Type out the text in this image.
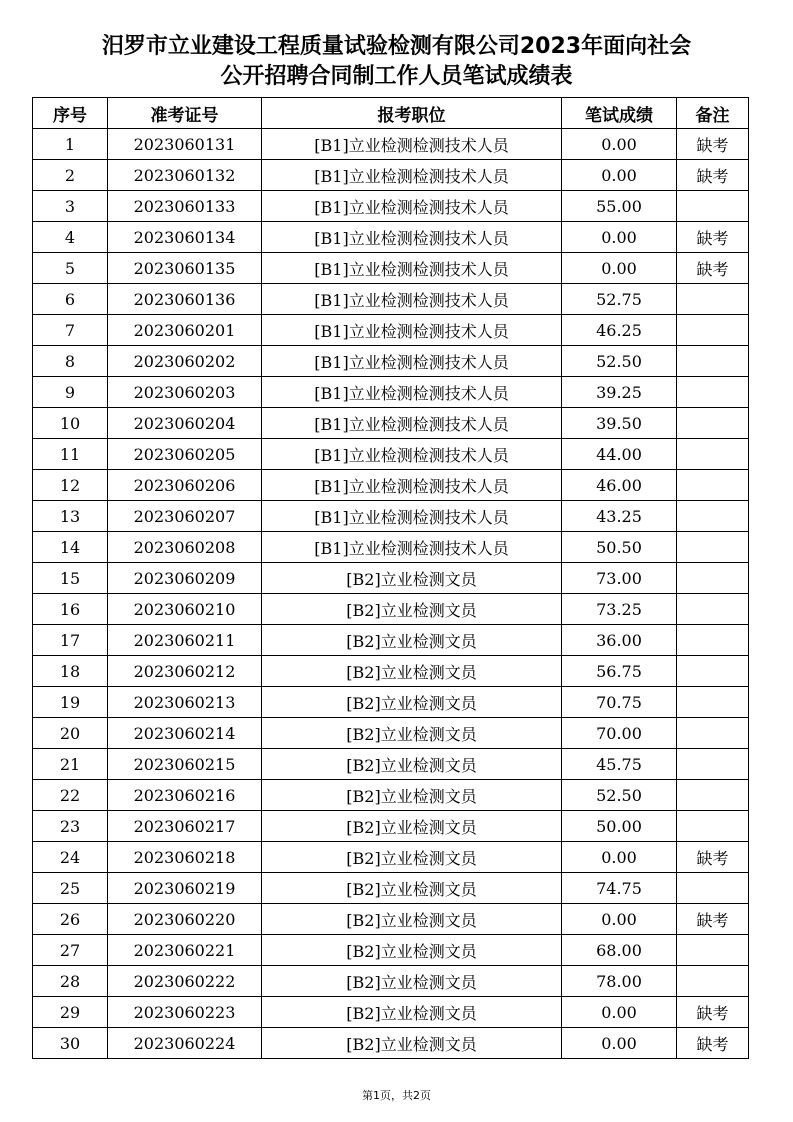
汨罗市立业建设工程质量试验检测有限公司2023年面向社会
公开招聘合同制工作人员笔试成绩表
序号	准考证号	报考职位	笔试成绩	备注
1	2023060131	[B1]立业检测检测技术人员	0.00	缺考
2	2023060132	[B1]立业检测检测技术人员	0.00	缺考
3	2023060133	[B1]立业检测检测技术人员	55.00	
4	2023060134	[B1]立业检测检测技术人员	0.00	缺考
5	2023060135	[B1]立业检测检测技术人员	0.00	缺考
6	2023060136	[B1]立业检测检测技术人员	52.75	
7	2023060201	[B1]立业检测检测技术人员	46.25	
8	2023060202	[B1]立业检测检测技术人员	52.50	
9	2023060203	[B1]立业检测检测技术人员	39.25	
10	2023060204	[B1]立业检测检测技术人员	39.50	
11	2023060205	[B1]立业检测检测技术人员	44.00	
12	2023060206	[B1]立业检测检测技术人员	46.00	
13	2023060207	[B1]立业检测检测技术人员	43.25	
14	2023060208	[B1]立业检测检测技术人员	50.50	
15	2023060209	[B2]立业检测文员	73.00	
16	2023060210	[B2]立业检测文员	73.25	
17	2023060211	[B2]立业检测文员	36.00	
18	2023060212	[B2]立业检测文员	56.75	
19	2023060213	[B2]立业检测文员	70.75	
20	2023060214	[B2]立业检测文员	70.00	
21	2023060215	[B2]立业检测文员	45.75	
22	2023060216	[B2]立业检测文员	52.50	
23	2023060217	[B2]立业检测文员	50.00	
24	2023060218	[B2]立业检测文员	0.00	缺考
25	2023060219	[B2]立业检测文员	74.75	
26	2023060220	[B2]立业检测文员	0.00	缺考
27	2023060221	[B2]立业检测文员	68.00	
28	2023060222	[B2]立业检测文员	78.00	
29	2023060223	[B2]立业检测文员	0.00	缺考
30	2023060224	[B2]立业检测文员	0.00	缺考
第1页，共2页
